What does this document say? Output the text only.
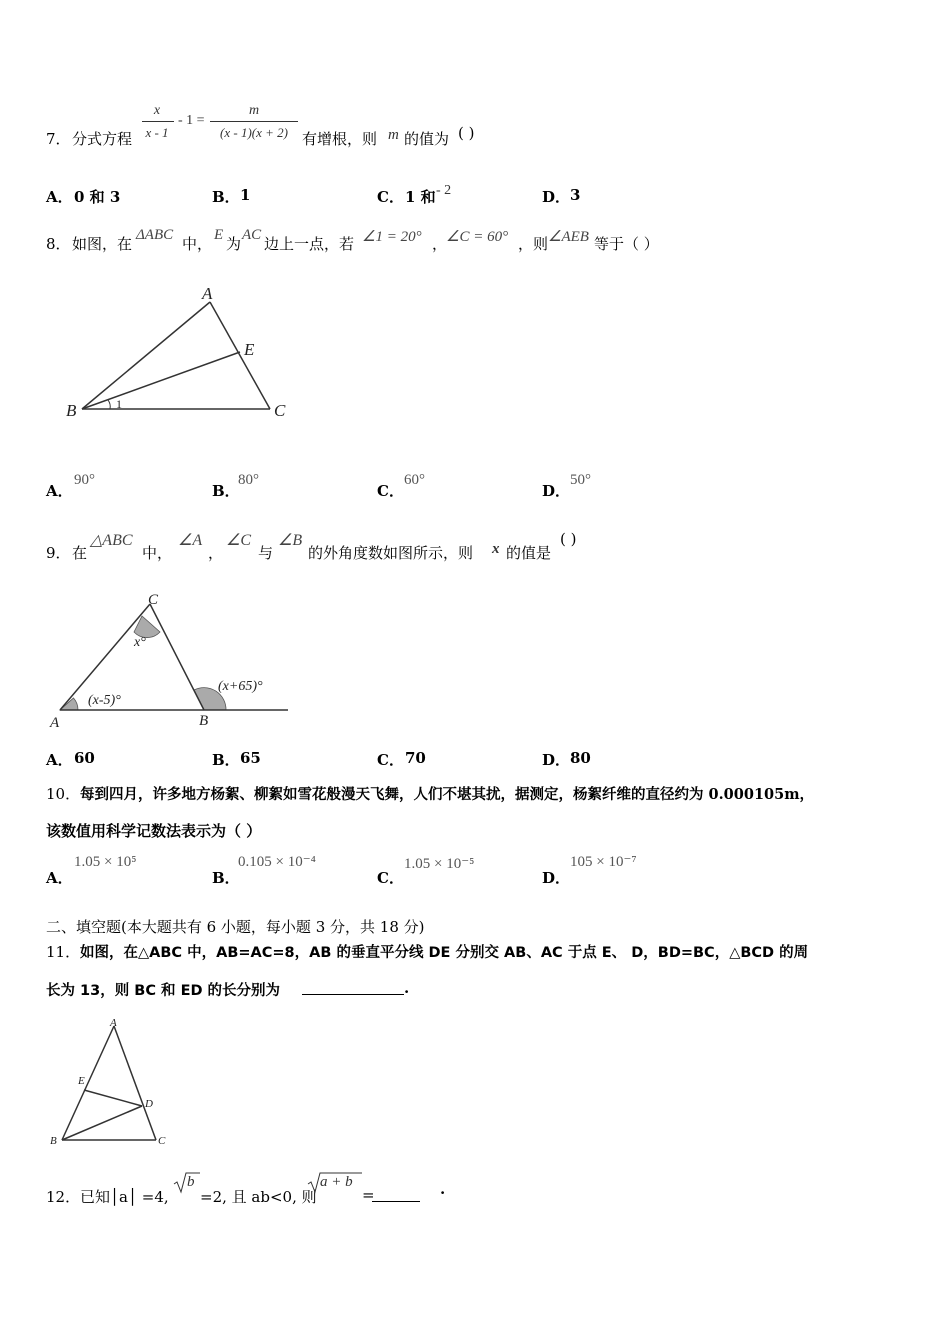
7． 分式方程
x
x - 1
- 1 =
m
(x - 1)(x + 2) 有增根，则 m 的值为 ( )
A． 0 和 3	B． 1	C． 1 和 - 2	D． 3
8． 如图，在 ΔABC 中， E 为 AC 边上一点，若 ∠1 = 20° ，
∠C = 60° ，则 ∠AEB 等于（ ）
A
B	C
E
1
A．
90°
B．
80°
C．
60°
D．
50°
9． 在
△ABC
中，
∠A
，
∠C
与
∠B
的外角度数如图所示，则 x 的值是
( )
A	B
C
x°
(x-5)°
(x+65)°
A． 60	B． 65	C． 70	D． 80
10． 每到四月，许多地方杨絮、柳絮如雪花般漫天飞舞，人们不堪其扰，据测定，杨絮纤维的直径约为 0.000105m，
该数值用科学记数法表示为（ ）
A．
1.05 × 10⁵
B．
0.105 × 10⁻⁴
C．
1.05 × 10⁻⁵
D．
105 × 10⁻⁷
二、填空题(本大题共有 6 小题，每小题 3 分，共 18 分)
11． 如图，在△ABC 中，AB=AC=8，AB 的垂直平分线 DE 分别交 AB、AC 于点 E、 D，BD=BC，△BCD 的周
长为 13，则 BC 和 ED 的长分别为	.
A
B	C
D
E
12． 已知│a│ =4,
b
=2, 且 ab<0, 则
a + b
=	·
